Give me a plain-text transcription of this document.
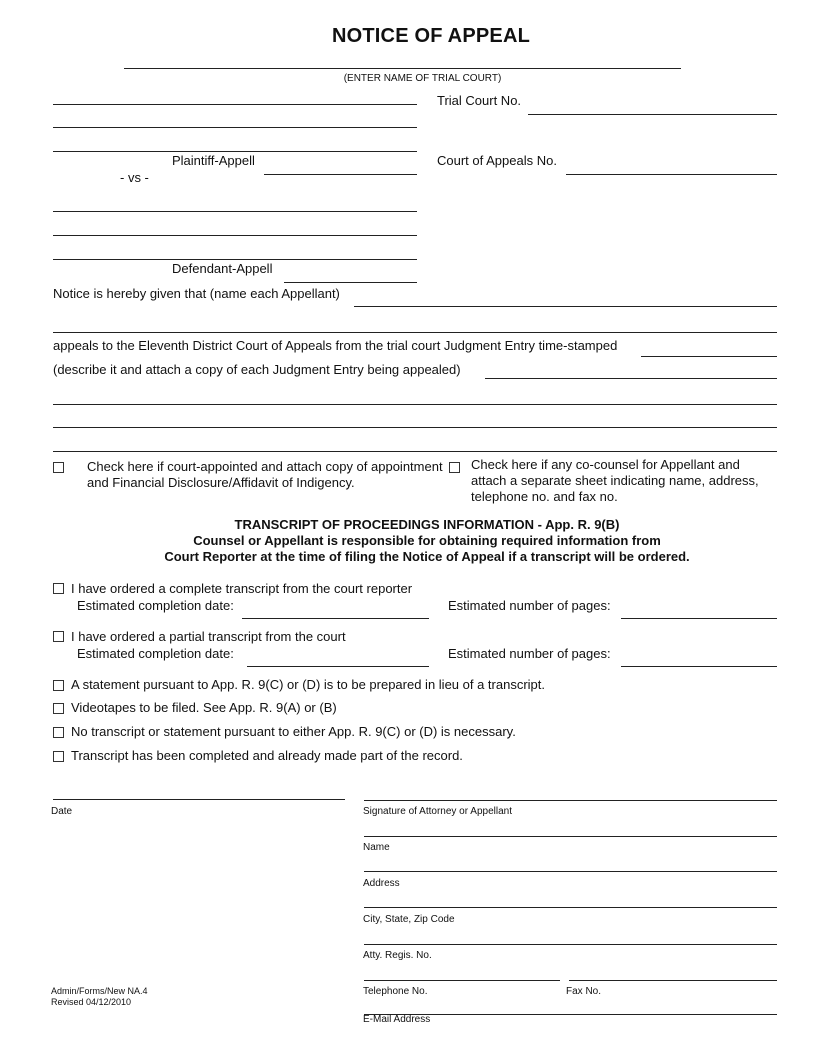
NOTICE OF APPEAL
(ENTER NAME OF TRIAL COURT)
Plaintiff-Appell
- vs -
Defendant-Appell
Trial Court No.
Court of Appeals No.
Notice is hereby given that (name each Appellant)
appeals to the Eleventh District Court of Appeals from the trial court Judgment Entry time-stamped
(describe it and attach a copy of each Judgment Entry being appealed)
Check here if court-appointed and attach copy of appointment and Financial Disclosure/Affidavit of Indigency.
Check here if any co-counsel for Appellant and attach a separate sheet indicating name, address, telephone no. and fax no.
TRANSCRIPT OF PROCEEDINGS INFORMATION - App. R. 9(B)
Counsel or Appellant is responsible for obtaining required information from
Court Reporter at the time of filing the Notice of Appeal if a transcript will be ordered.
I have ordered a complete transcript from the court reporter
Estimated completion date:	Estimated number of pages:
I have ordered a partial transcript from the court
Estimated completion date:	Estimated number of pages:
A statement pursuant to App. R. 9(C) or (D) is to be prepared in lieu of a transcript.
Videotapes to be filed. See App. R. 9(A) or (B)
No transcript or statement pursuant to either App. R. 9(C) or (D) is necessary.
Transcript has been completed and already made part of the record.
Date	Signature of Attorney or Appellant
Name
Address
City, State, Zip Code
Atty. Regis. No.
Telephone No.	Fax No.
E-Mail Address
Admin/Forms/New NA.4
Revised 04/12/2010
